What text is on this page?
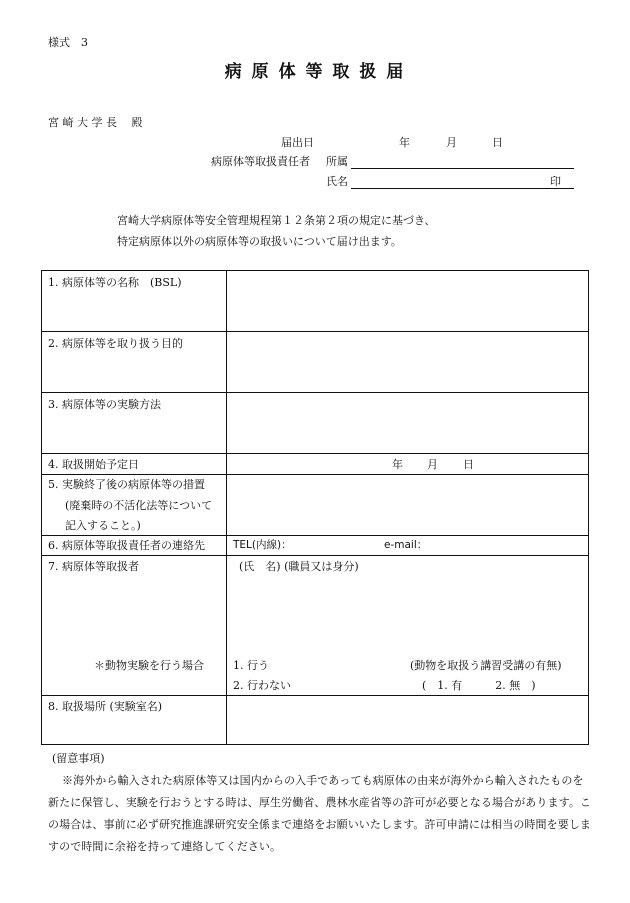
様式　3
病 原 体 等 取 扱 届
宮 崎 大 学 長　 殿
届出日	年	月	日
病原体等取扱責任者 所属
氏名	印
宮崎大学病原体等安全管理規程第１２条第２項の規定に基づき、
特定病原体以外の病原体等の取扱いについて届け出ます。
1. 病原体等の名称　(BSL)
2. 病原体等を取り扱う目的
3. 病原体等の実験方法
4. 取扱開始予定日	年 月 日
5. 実験終了後の病原体等の措置
(廃棄時の不活化法等について
記入すること。)
6. 病原体等取扱責任者の連絡先	TEL(内線)：	e-mail：
7. 病原体等取扱者	(氏　名) (職員又は身分)
＊動物実験を行う場合	1. 行う
2. 行わない
(動物を取扱う講習受講の有無)
(　1. 有　　　2. 無　)
8. 取扱場所 (実験室名)
(留意事項)
※海外から輸入された病原体等又は国内からの入手であっても病原体の由来が海外から輸入されたものを新たに保管し、実験を行おうとする時は、厚生労働省、農林水産省等の許可が必要となる場合があります。この場合は、事前に必ず研究推進課研究安全係まで連絡をお願いいたします。許可申請には相当の時間を要しますので時間に余裕を持って連絡してください。
